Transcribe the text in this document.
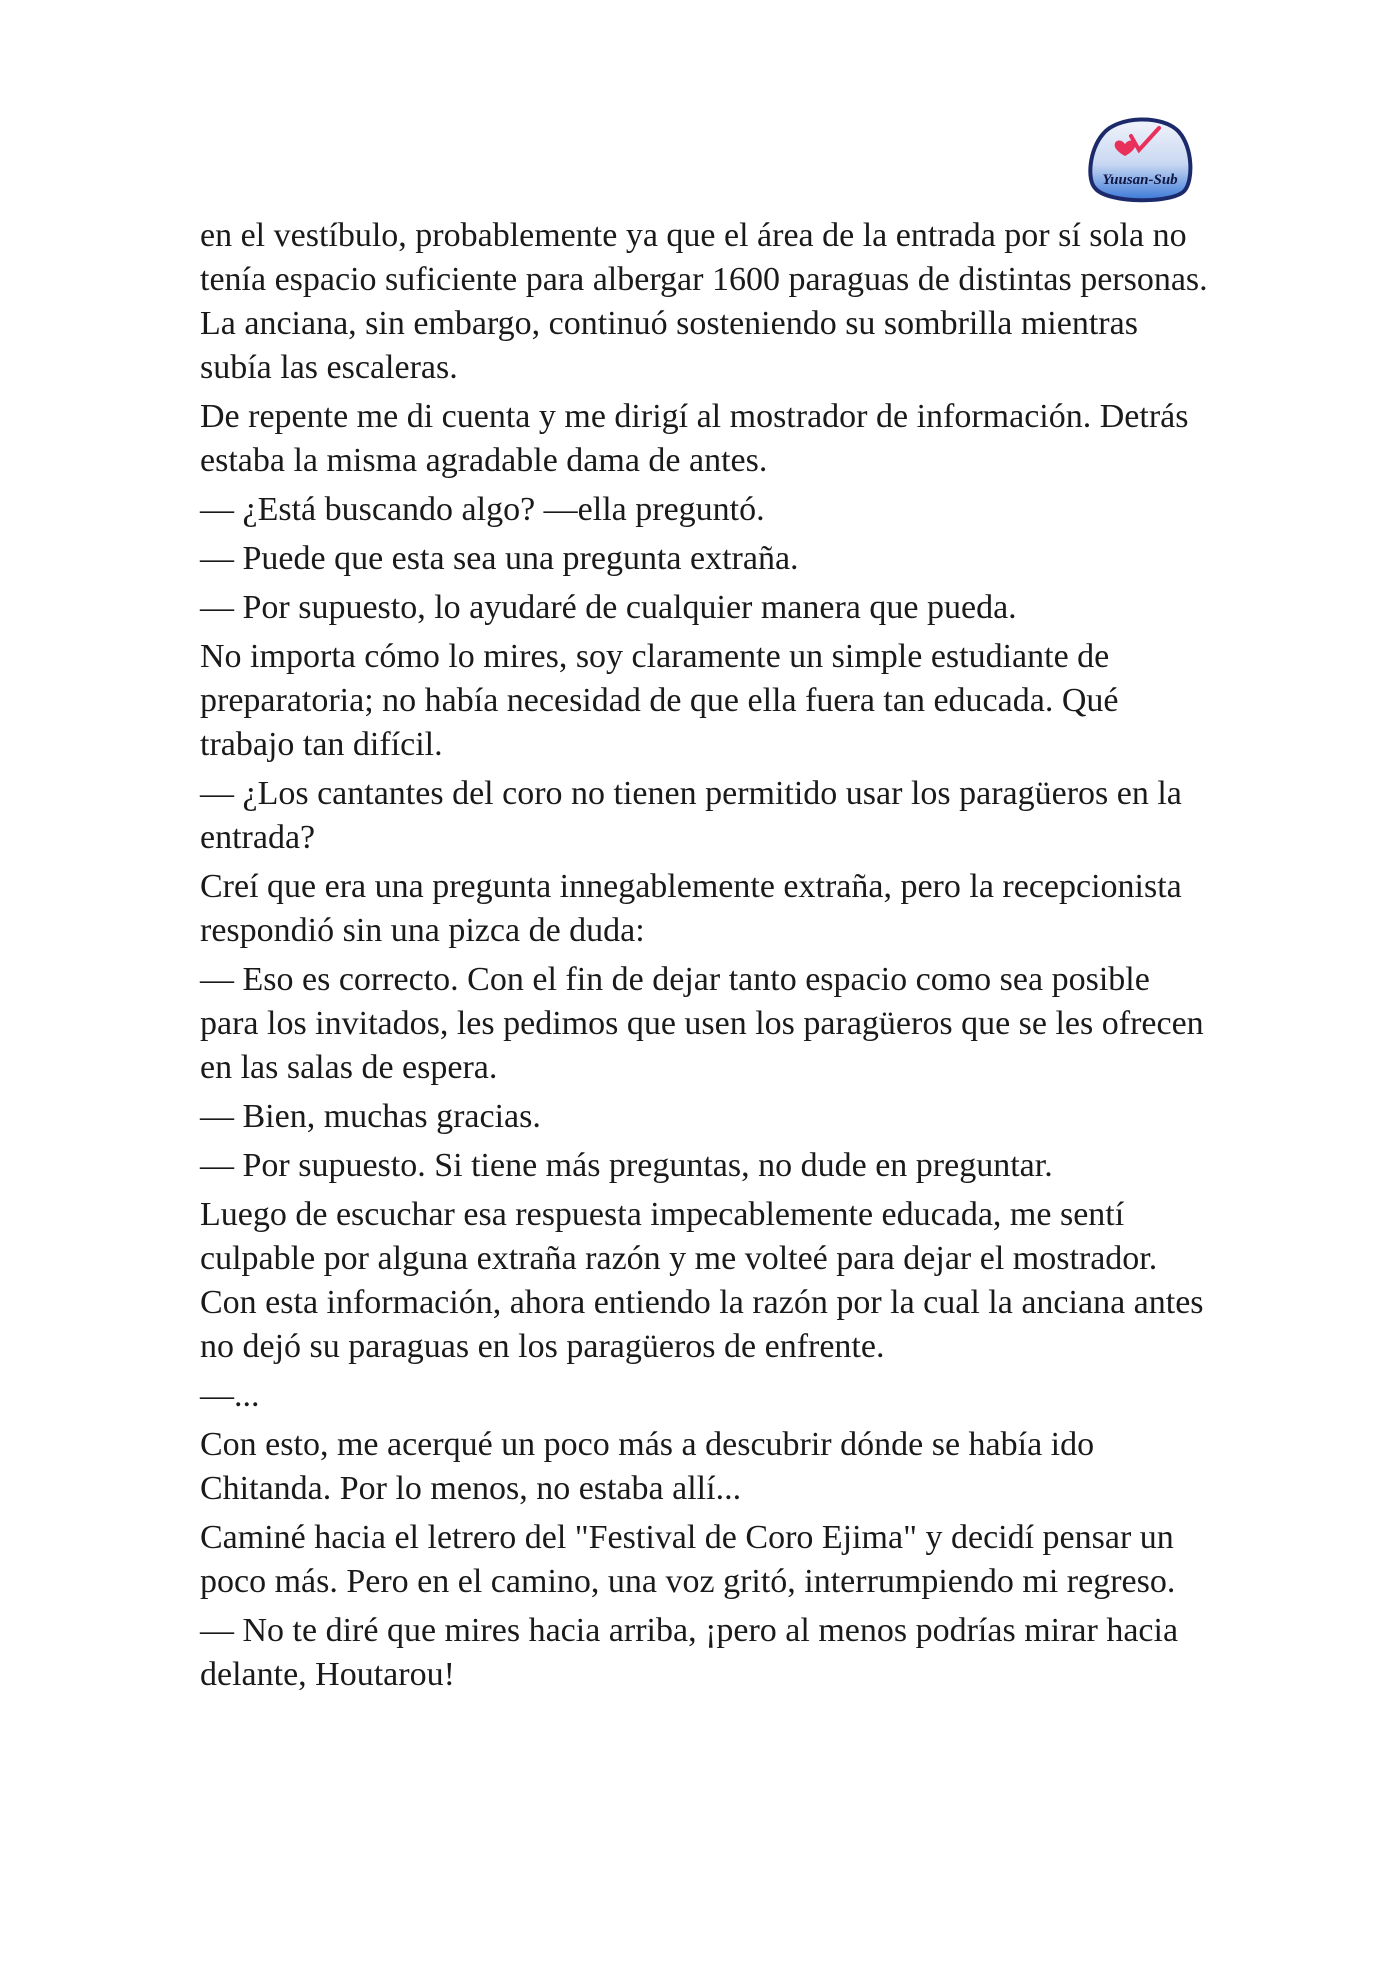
Yuusan-Sub

en el vestíbulo, probablemente ya que el área de la entrada por sí sola no tenía espacio suficiente para albergar 1600 paraguas de distintas personas. La anciana, sin embargo, continuó sosteniendo su sombrilla mientras subía las escaleras.

De repente me di cuenta y me dirigí al mostrador de información. Detrás estaba la misma agradable dama de antes.

— ¿Está buscando algo? —ella preguntó.

— Puede que esta sea una pregunta extraña.

— Por supuesto, lo ayudaré de cualquier manera que pueda.

No importa cómo lo mires, soy claramente un simple estudiante de preparatoria; no había necesidad de que ella fuera tan educada. Qué trabajo tan difícil.

— ¿Los cantantes del coro no tienen permitido usar los paragüeros en la entrada?

Creí que era una pregunta innegablemente extraña, pero la recepcionista respondió sin una pizca de duda:

— Eso es correcto. Con el fin de dejar tanto espacio como sea posible para los invitados, les pedimos que usen los paragüeros que se les ofrecen en las salas de espera.

— Bien, muchas gracias.

— Por supuesto. Si tiene más preguntas, no dude en preguntar.

Luego de escuchar esa respuesta impecablemente educada, me sentí culpable por alguna extraña razón y me volteé para dejar el mostrador. Con esta información, ahora entiendo la razón por la cual la anciana antes no dejó su paraguas en los paragüeros de enfrente.

—...

Con esto, me acerqué un poco más a descubrir dónde se había ido Chitanda. Por lo menos, no estaba allí...

Caminé hacia el letrero del "Festival de Coro Ejima" y decidí pensar un poco más. Pero en el camino, una voz gritó, interrumpiendo mi regreso.

— No te diré que mires hacia arriba, ¡pero al menos podrías mirar hacia delante, Houtarou!
